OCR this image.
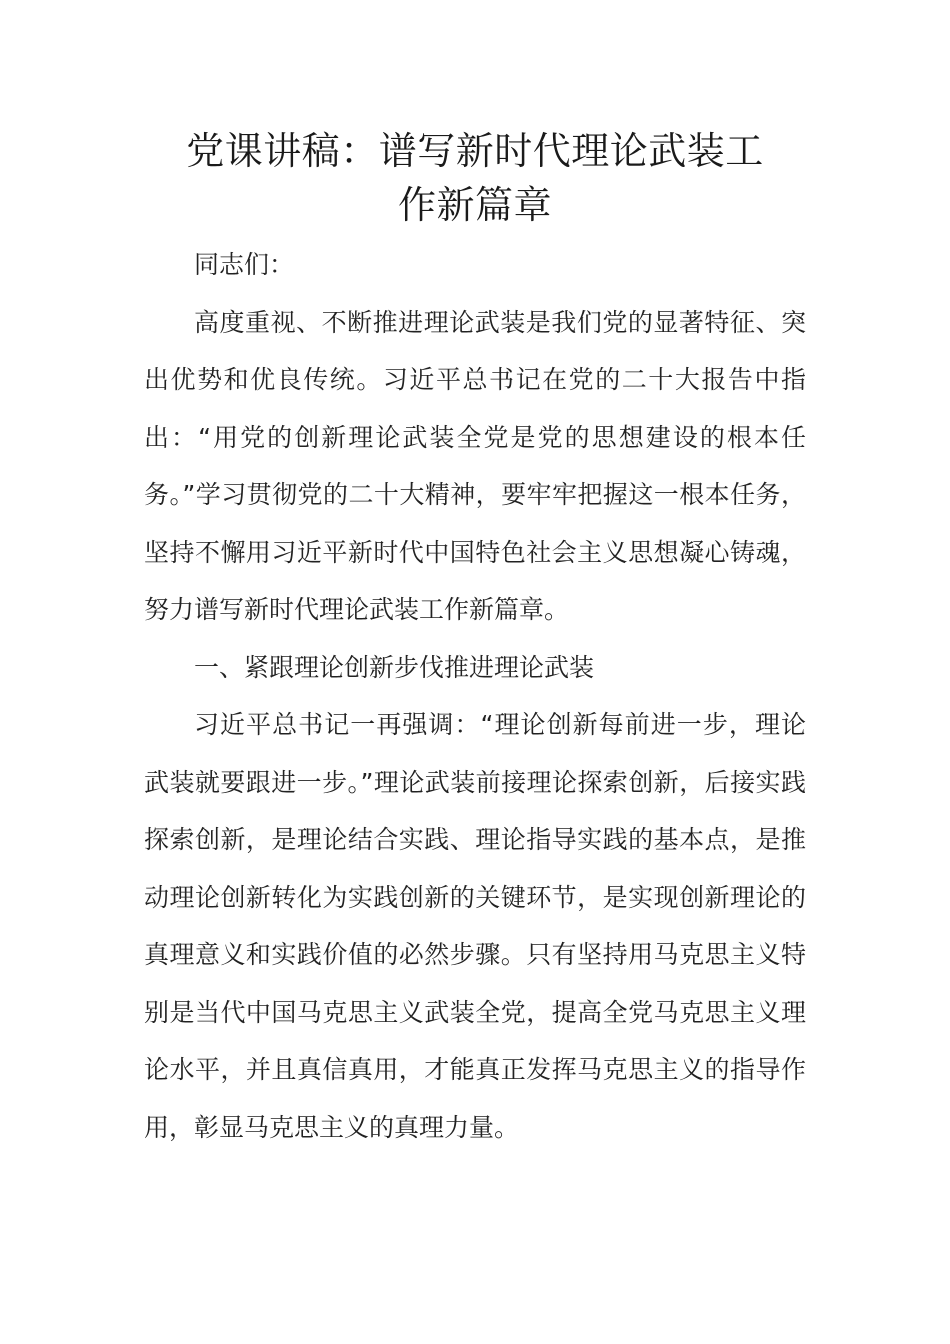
党课讲稿：谱写新时代理论武装工
作新篇章

同志们：

高度重视、不断推进理论武装是我们党的显著特征、突出优势和优良传统。习近平总书记在党的二十大报告中指出：“用党的创新理论武装全党是党的思想建设的根本任务。”学习贯彻党的二十大精神，要牢牢把握这一根本任务，坚持不懈用习近平新时代中国特色社会主义思想凝心铸魂，努力谱写新时代理论武装工作新篇章。

一、紧跟理论创新步伐推进理论武装

习近平总书记一再强调：“理论创新每前进一步，理论武装就要跟进一步。”理论武装前接理论探索创新，后接实践探索创新，是理论结合实践、理论指导实践的基本点，是推动理论创新转化为实践创新的关键环节，是实现创新理论的真理意义和实践价值的必然步骤。只有坚持用马克思主义特别是当代中国马克思主义武装全党，提高全党马克思主义理论水平，并且真信真用，才能真正发挥马克思主义的指导作用，彰显马克思主义的真理力量。
